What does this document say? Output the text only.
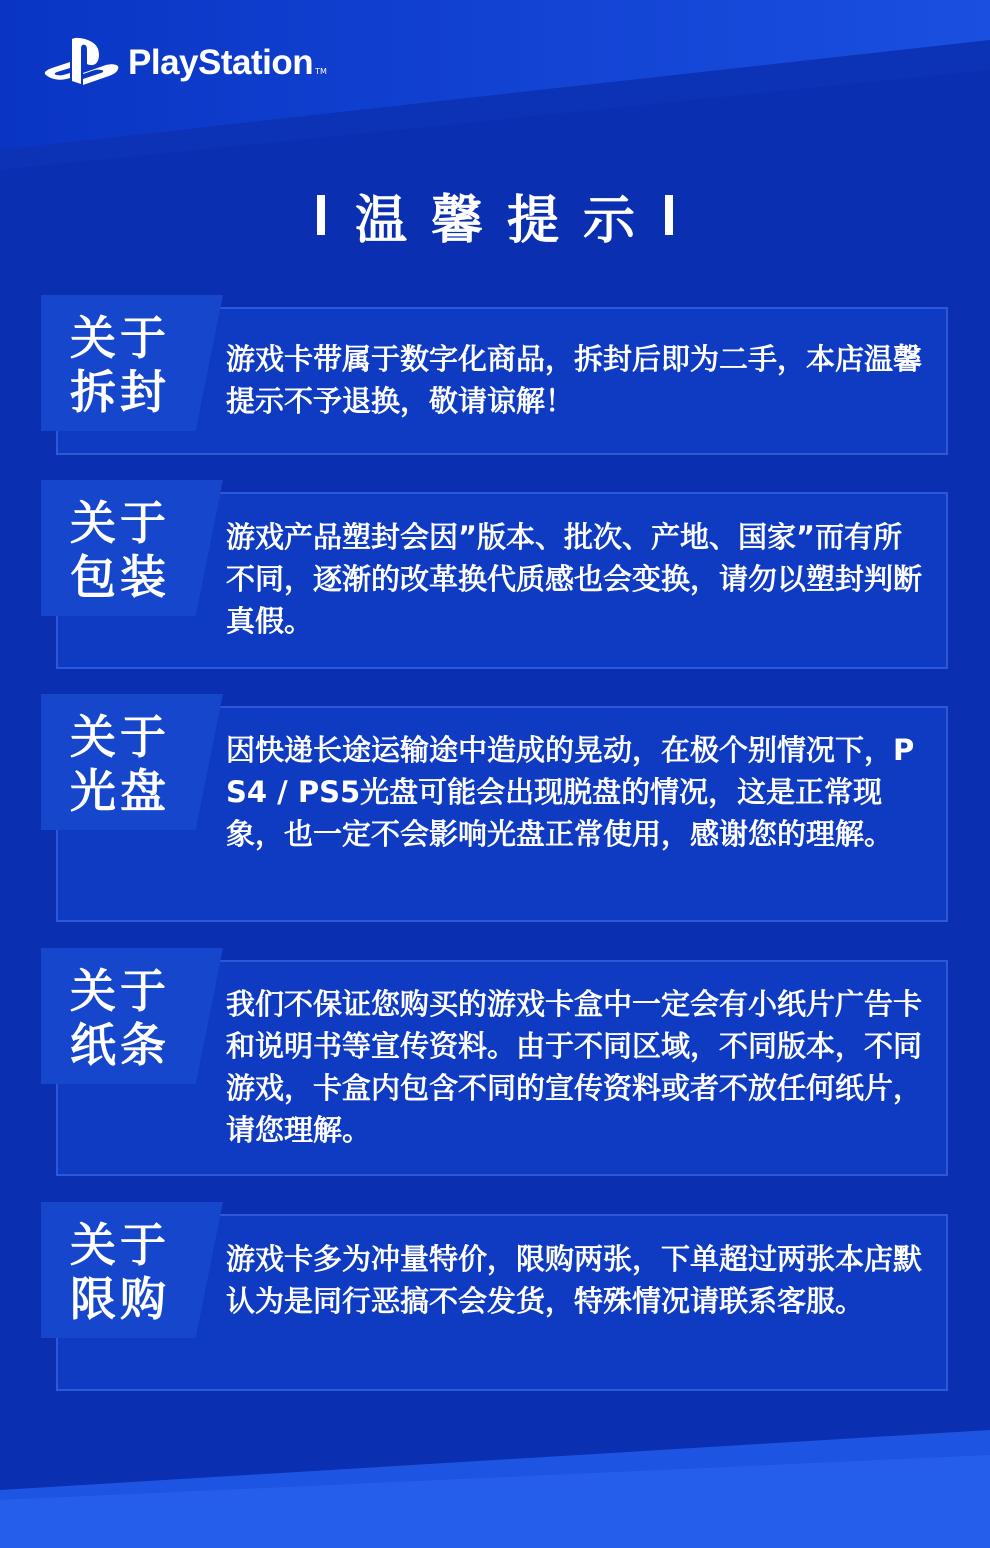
PlayStation TM
温馨提示
关于拆封
游戏卡带属于数字化商品，拆封后即为二手，本店温馨提示不予退换，敬请谅解！
关于包装
游戏产品塑封会因”版本、批次、产地、国家”而有所不同，逐渐的改革换代质感也会变换，请勿以塑封判断真假。
关于光盘
因快递长途运输途中造成的晃动，在极个别情况下，PS4 / PS5光盘可能会出现脱盘的情况，这是正常现象，也一定不会影响光盘正常使用，感谢您的理解。
关于纸条
我们不保证您购买的游戏卡盒中一定会有小纸片广告卡和说明书等宣传资料。由于不同区域，不同版本，不同游戏，卡盒内包含不同的宣传资料或者不放任何纸片，请您理解。
关于限购
游戏卡多为冲量特价，限购两张，下单超过两张本店默认为是同行恶搞不会发货，特殊情况请联系客服。
